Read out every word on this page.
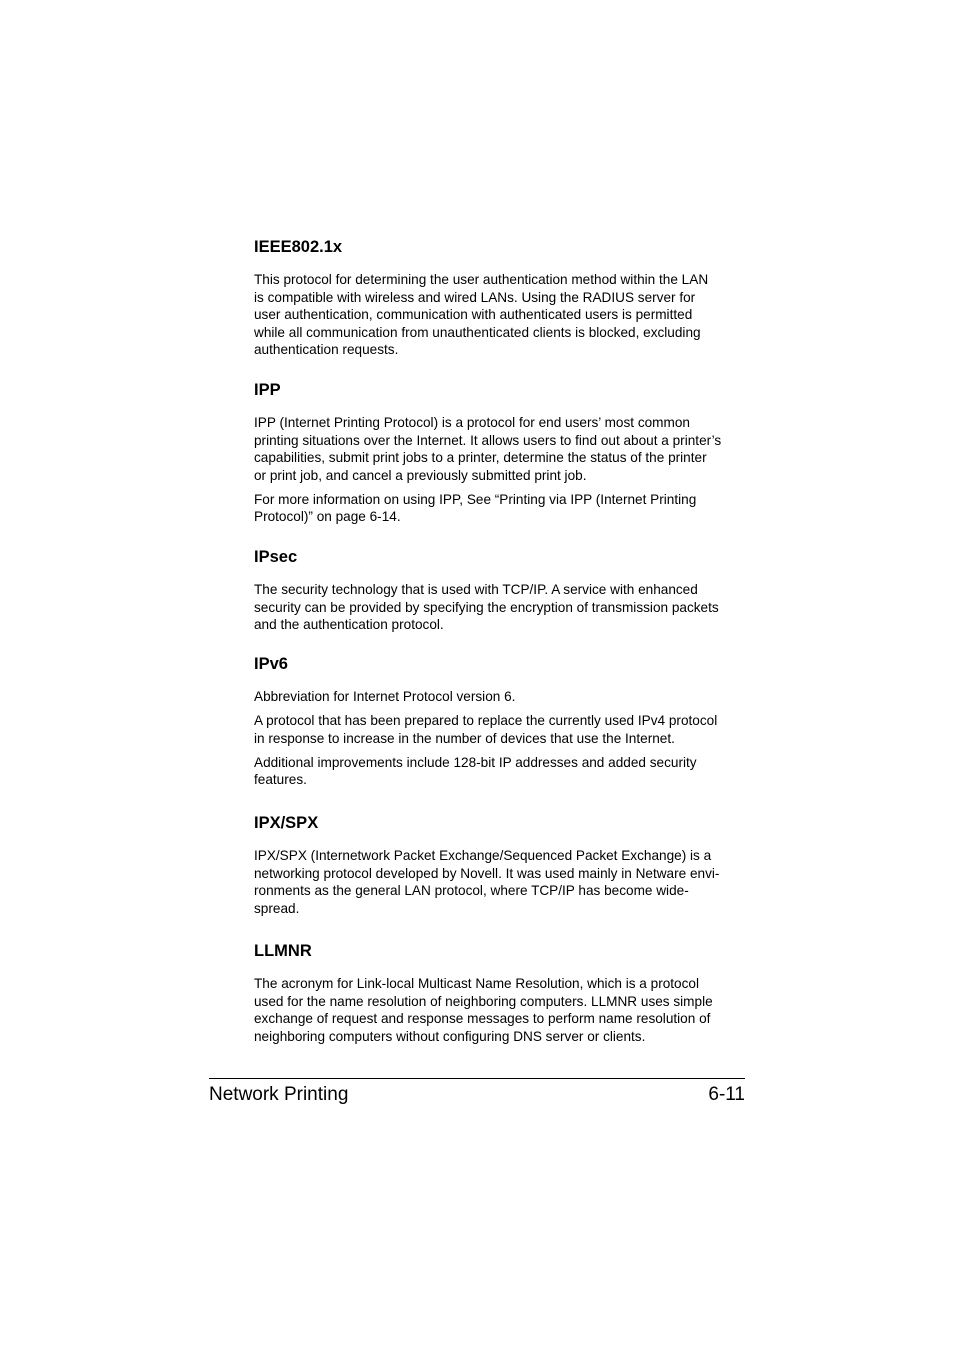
IEEE802.1x
This protocol for determining the user authentication method within the LAN
is compatible with wireless and wired LANs. Using the RADIUS server for
user authentication, communication with authenticated users is permitted
while all communication from unauthenticated clients is blocked, excluding
authentication requests.
IPP
IPP (Internet Printing Protocol) is a protocol for end users’ most common
printing situations over the Internet. It allows users to find out about a printer’s
capabilities, submit print jobs to a printer, determine the status of the printer
or print job, and cancel a previously submitted print job.
For more information on using IPP, See “Printing via IPP (Internet Printing
Protocol)” on page 6-14.
IPsec
The security technology that is used with TCP/IP. A service with enhanced
security can be provided by specifying the encryption of transmission packets
and the authentication protocol.
IPv6
Abbreviation for Internet Protocol version 6.
A protocol that has been prepared to replace the currently used IPv4 protocol
in response to increase in the number of devices that use the Internet.
Additional improvements include 128-bit IP addresses and added security
features.
IPX/SPX
IPX/SPX (Internetwork Packet Exchange/Sequenced Packet Exchange) is a
networking protocol developed by Novell. It was used mainly in Netware envi-
ronments as the general LAN protocol, where TCP/IP has become wide-
spread.
LLMNR
The acronym for Link-local Multicast Name Resolution, which is a protocol
used for the name resolution of neighboring computers. LLMNR uses simple
exchange of request and response messages to perform name resolution of
neighboring computers without configuring DNS server or clients.
Network Printing	6-11
